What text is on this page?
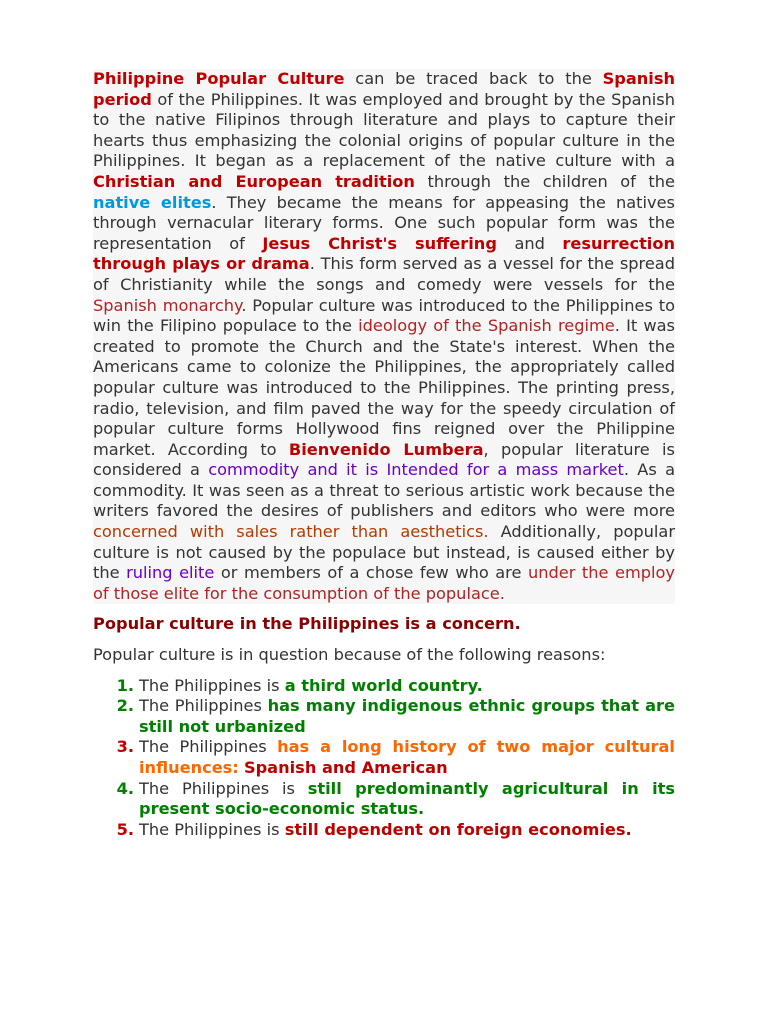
Philippine Popular Culture can be traced back to the Spanish period of the Philippines. It was employed and brought by the Spanish to the native Filipinos through literature and plays to capture their hearts thus emphasizing the colonial origins of popular culture in the Philippines. It began as a replacement of the native culture with a Christian and European tradition through the children of the native elites. They became the means for appeasing the natives through vernacular literary forms. One such popular form was the representation of Jesus Christ's suffering and resurrection through plays or drama. This form served as a vessel for the spread of Christianity while the songs and comedy were vessels for the Spanish monarchy. Popular culture was introduced to the Philippines to win the Filipino populace to the ideology of the Spanish regime. It was created to promote the Church and the State's interest. When the Americans came to colonize the Philippines, the appropriately called popular culture was introduced to the Philippines. The printing press, radio, television, and film paved the way for the speedy circulation of popular culture forms Hollywood fins reigned over the Philippine market. According to Bienvenido Lumbera, popular literature is considered a commodity and it is Intended for a mass market. As a commodity. It was seen as a threat to serious artistic work because the writers favored the desires of publishers and editors who were more concerned with sales rather than aesthetics. Additionally, popular culture is not caused by the populace but instead, is caused either by the ruling elite or members of a chose few who are under the employ of those elite for the consumption of the populace.

Popular culture in the Philippines is a concern.

Popular culture is in question because of the following reasons:

1. The Philippines is a third world country.
2. The Philippines has many indigenous ethnic groups that are still not urbanized
3. The Philippines has a long history of two major cultural influences: Spanish and American
4. The Philippines is still predominantly agricultural in its present socio-economic status.
5. The Philippines is still dependent on foreign economies.
